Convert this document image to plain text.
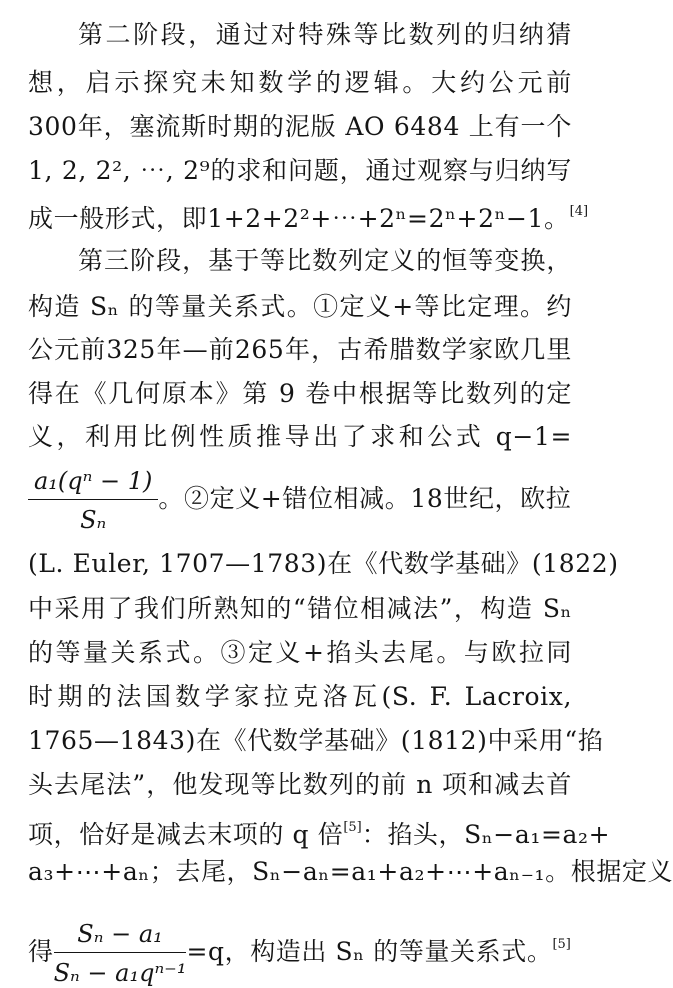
第二阶段，通过对特殊等比数列的归纳猜
想，启示探究未知数学的逻辑。大约公元前
300年，塞流斯时期的泥版 AO 6484 上有一个
1, 2, 2², ⋯, 2⁹的求和问题，通过观察与归纳写
成一般形式，即1+2+2²+⋯+2ⁿ=2ⁿ+2ⁿ−1。[4]
第三阶段，基于等比数列定义的恒等变换，
构造 Sₙ 的等量关系式。①定义+等比定理。约
公元前325年—前265年，古希腊数学家欧几里
得在《几何原本》第 9 卷中根据等比数列的定
义，利用比例性质推导出了求和公式 q−1=
$\frac{\text{a₁(qⁿ − 1)}}{\text{Sₙ}}$ 。②定义+错位相减。18世纪，欧拉
(L. Euler, 1707—1783)在《代数学基础》(1822)
中采用了我们所熟知的“错位相减法”，构造 Sₙ
的等量关系式。③定义+掐头去尾。与欧拉同
时期的法国数学家拉克洛瓦(S. F. Lacroix,
1765—1843)在《代数学基础》(1812)中采用“掐
头去尾法”，他发现等比数列的前 n 项和减去首
项，恰好是减去末项的 q 倍[5]：掐头，Sₙ−a₁=a₂+
a₃+⋯+aₙ；去尾，Sₙ−aₙ=a₁+a₂+⋯+aₙ₋₁。根据定义
得 $\frac{\text{Sₙ − a₁}}{\text{Sₙ − a₁qⁿ⁻¹}} =q$，构造出 Sₙ 的等量关系式。[5]
